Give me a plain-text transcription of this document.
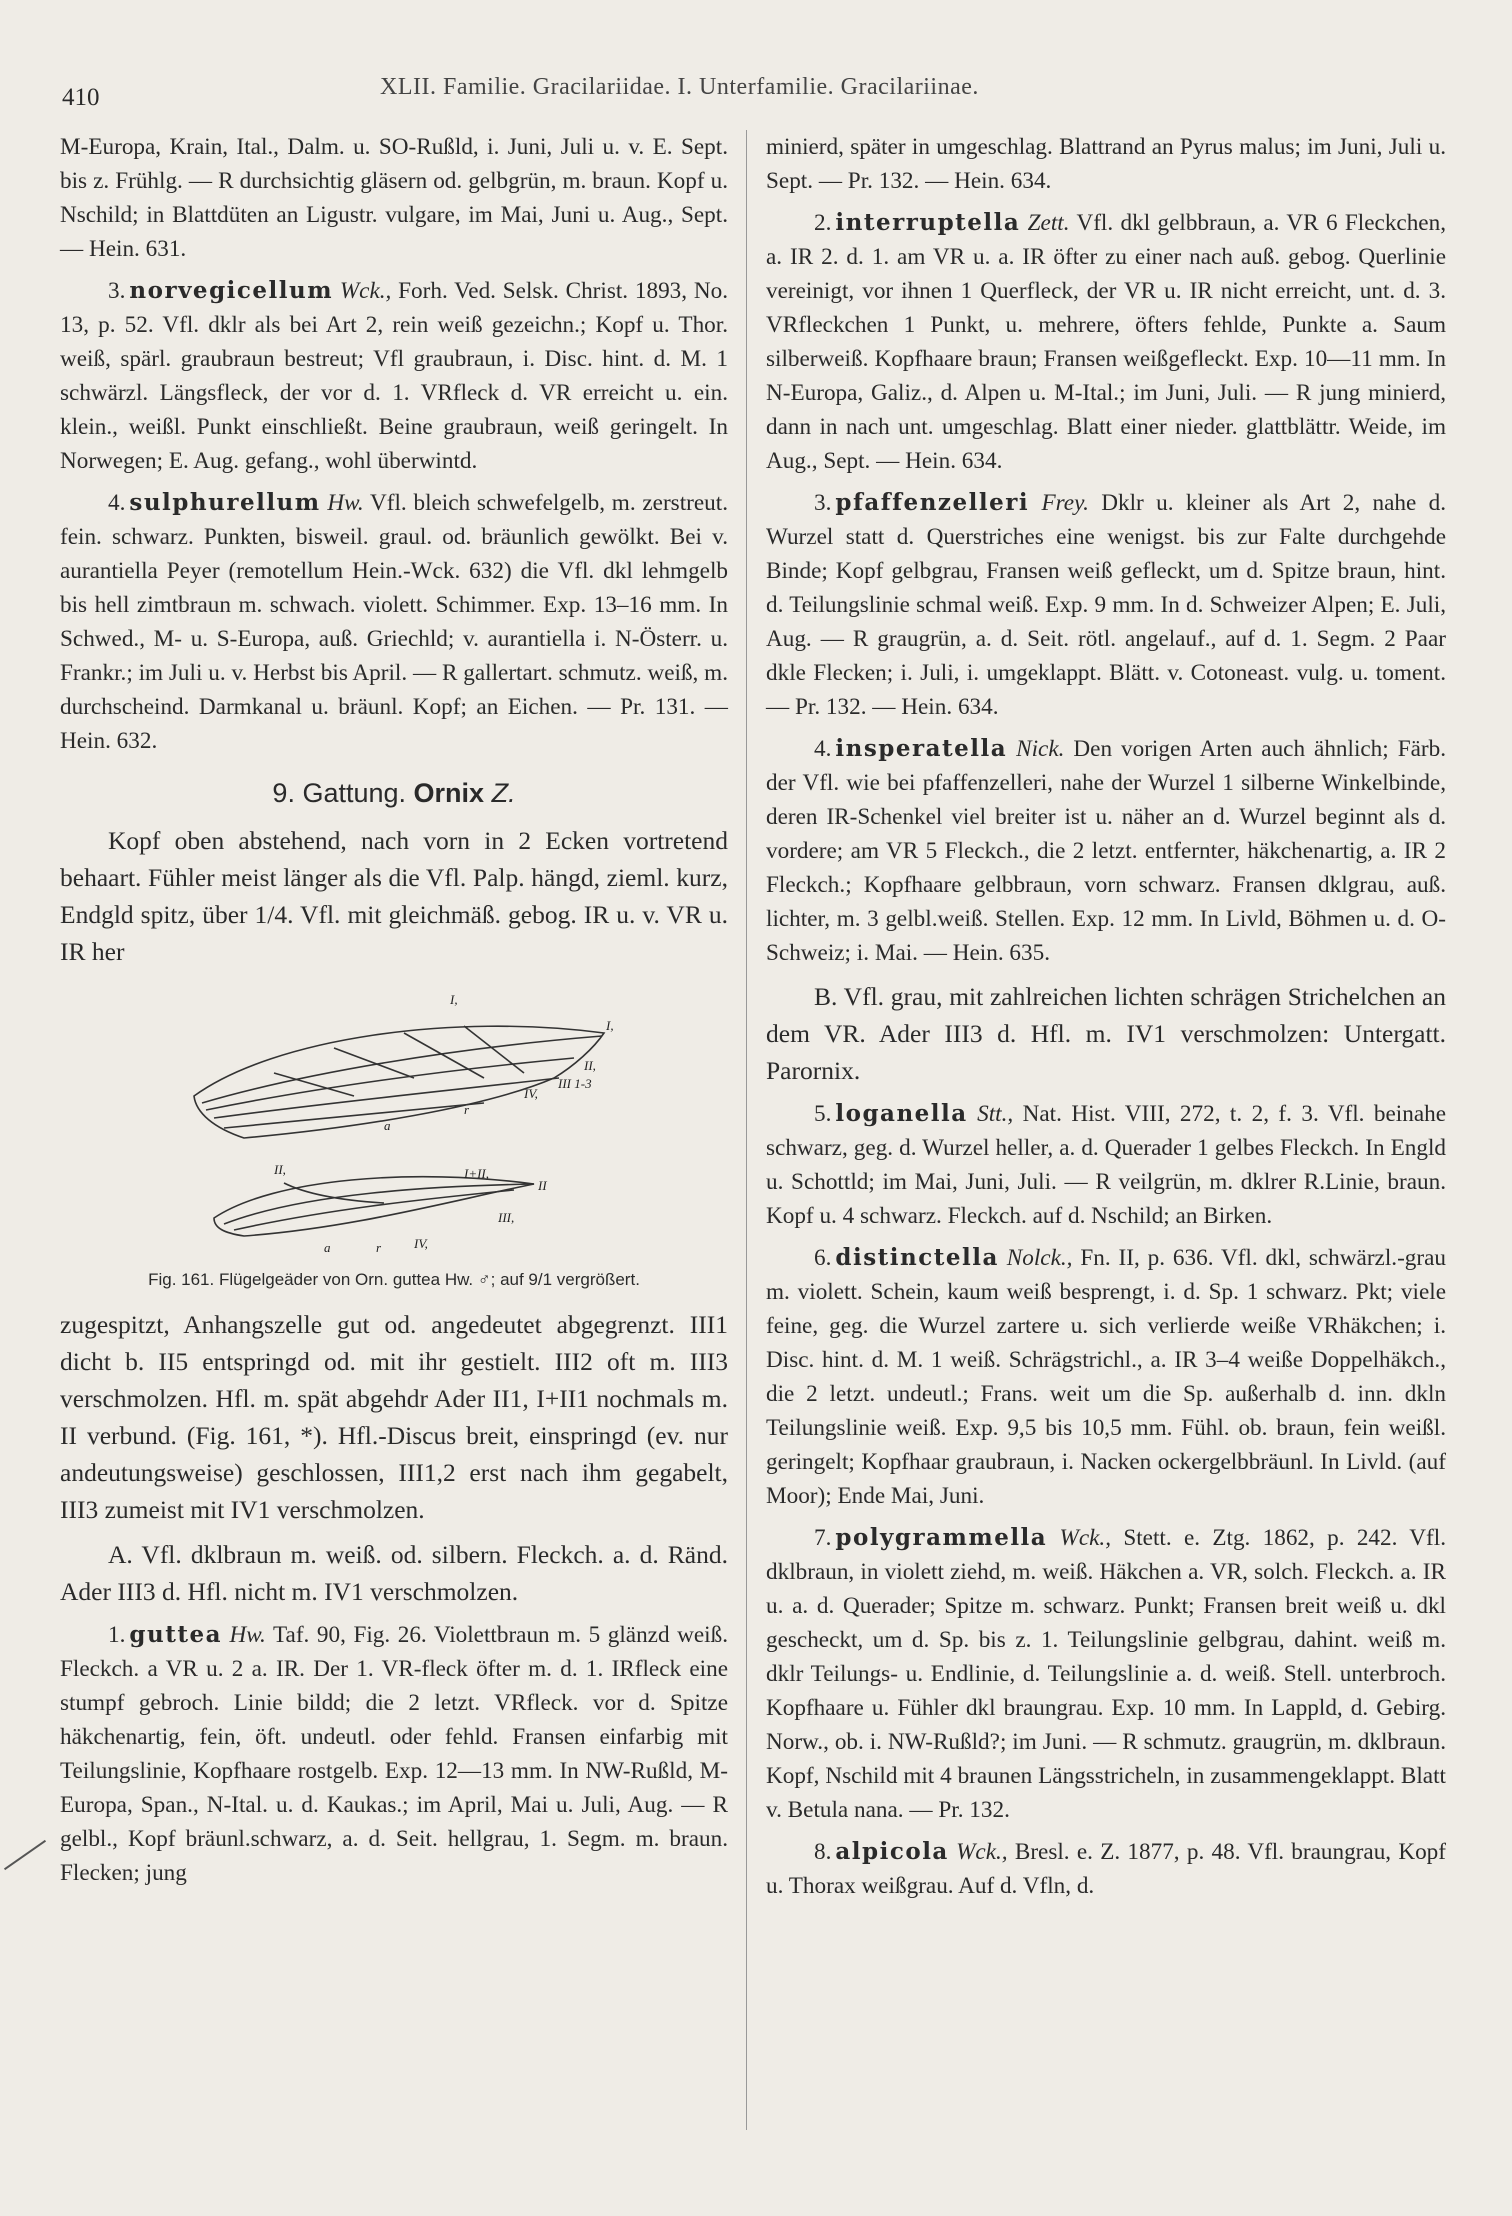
410	XLII. Familie. Gracilariidae. I. Unterfamilie. Gracilariinae.

M-Europa, Krain, Ital., Dalm. u. SO-Rußld, i. Juni, Juli u. v. E. Sept. bis z. Frühlg. — R durchsichtig gläsern od. gelbgrün, m. braun. Kopf u. Nschild; in Blattdüten an Ligustr. vulgare, im Mai, Juni u. Aug., Sept. — Hein. 631.

3. norvegicellum Wck., Forh. Ved. Selsk. Christ. 1893, No. 13, p. 52. Vfl. dklr als bei Art 2, rein weiß gezeichn.; Kopf u. Thor. weiß, spärl. graubraun bestreut; Vfl graubraun, i. Disc. hint. d. M. 1 schwärzl. Längsfleck, der vor d. 1. VRfleck d. VR erreicht u. ein. klein., weißl. Punkt einschließt. Beine graubraun, weiß geringelt. In Norwegen; E. Aug. gefang., wohl überwintd.

4. sulphurellum Hw. Vfl. bleich schwefelgelb, m. zerstreut. fein. schwarz. Punkten, bisweil. graul. od. bräunlich gewölkt. Bei v. aurantiella Peyer (remotellum Hein.-Wck. 632) die Vfl. dkl lehmgelb bis hell zimtbraun m. schwach. violett. Schimmer. Exp. 13–16 mm. In Schwed., M- u. S-Europa, auß. Griechld; v. aurantiella i. N-Österr. u. Frankr.; im Juli u. v. Herbst bis April. — R gallertart. schmutz. weiß, m. durchscheind. Darmkanal u. bräunl. Kopf; an Eichen. — Pr. 131. — Hein. 632.

9. Gattung. Ornix Z.

Kopf oben abstehend, nach vorn in 2 Ecken vortretend behaart. Fühler meist länger als die Vfl. Palp. hängd, zieml. kurz, Endgld spitz, über 1/4. Vfl. mit gleichmäß. gebog. IR u. v. VR u. IR her

I,
I,
II,
IV,
III 1-3
r
a
II,	I+II,
II
III,
a	r	IV,
Fig. 161. Flügelgeäder von Orn. guttea Hw. ♂; auf 9/1 vergrößert.

zugespitzt, Anhangszelle gut od. angedeutet abgegrenzt. III1 dicht b. II5 entspringd od. mit ihr gestielt. III2 oft m. III3 verschmolzen. Hfl. m. spät abgehdr Ader II1, I+II1 nochmals m. II verbund. (Fig. 161, *). Hfl.-Discus breit, einspringd (ev. nur andeutungsweise) geschlossen, III1,2 erst nach ihm gegabelt, III3 zumeist mit IV1 verschmolzen.

A. Vfl. dklbraun m. weiß. od. silbern. Fleckch. a. d. Ränd. Ader III3 d. Hfl. nicht m. IV1 verschmolzen.

1. guttea Hw. Taf. 90, Fig. 26. Violettbraun m. 5 glänzd weiß. Fleckch. a VR u. 2 a. IR. Der 1. VR-fleck öfter m. d. 1. IRfleck eine stumpf gebroch. Linie bildd; die 2 letzt. VRfleck. vor d. Spitze häkchenartig, fein, öft. undeutl. oder fehld. Fransen einfarbig mit Teilungslinie, Kopfhaare rostgelb. Exp. 12—13 mm. In NW-Rußld, M-Europa, Span., N-Ital. u. d. Kaukas.; im April, Mai u. Juli, Aug. — R gelbl., Kopf bräunl.schwarz, a. d. Seit. hellgrau, 1. Segm. m. braun. Flecken; jung

minierd, später in umgeschlag. Blattrand an Pyrus malus; im Juni, Juli u. Sept. — Pr. 132. — Hein. 634.

2. interruptella Zett. Vfl. dkl gelbbraun, a. VR 6 Fleckchen, a. IR 2. d. 1. am VR u. a. IR öfter zu einer nach auß. gebog. Querlinie vereinigt, vor ihnen 1 Querfleck, der VR u. IR nicht erreicht, unt. d. 3. VRfleckchen 1 Punkt, u. mehrere, öfters fehlde, Punkte a. Saum silberweiß. Kopfhaare braun; Fransen weißgefleckt. Exp. 10—11 mm. In N-Europa, Galiz., d. Alpen u. M-Ital.; im Juni, Juli. — R jung minierd, dann in nach unt. umgeschlag. Blatt einer nieder. glattblättr. Weide, im Aug., Sept. — Hein. 634.

3. pfaffenzelleri Frey. Dklr u. kleiner als Art 2, nahe d. Wurzel statt d. Querstriches eine wenigst. bis zur Falte durchgehde Binde; Kopf gelbgrau, Fransen weiß gefleckt, um d. Spitze braun, hint. d. Teilungslinie schmal weiß. Exp. 9 mm. In d. Schweizer Alpen; E. Juli, Aug. — R graugrün, a. d. Seit. rötl. angelauf., auf d. 1. Segm. 2 Paar dkle Flecken; i. Juli, i. umgeklappt. Blätt. v. Cotoneast. vulg. u. toment. — Pr. 132. — Hein. 634.

4. insperatella Nick. Den vorigen Arten auch ähnlich; Färb. der Vfl. wie bei pfaffenzelleri, nahe der Wurzel 1 silberne Winkelbinde, deren IR-Schenkel viel breiter ist u. näher an d. Wurzel beginnt als d. vordere; am VR 5 Fleckch., die 2 letzt. entfernter, häkchenartig, a. IR 2 Fleckch.; Kopfhaare gelbbraun, vorn schwarz. Fransen dklgrau, auß. lichter, m. 3 gelbl.weiß. Stellen. Exp. 12 mm. In Livld, Böhmen u. d. O-Schweiz; i. Mai. — Hein. 635.

B. Vfl. grau, mit zahlreichen lichten schrägen Strichelchen an dem VR. Ader III3 d. Hfl. m. IV1 verschmolzen: Untergatt. Parornix.

5. loganella Stt., Nat. Hist. VIII, 272, t. 2, f. 3. Vfl. beinahe schwarz, geg. d. Wurzel heller, a. d. Querader 1 gelbes Fleckch. In Engld u. Schottld; im Mai, Juni, Juli. — R veilgrün, m. dklrer R.Linie, braun. Kopf u. 4 schwarz. Fleckch. auf d. Nschild; an Birken.

6. distinctella Nolck., Fn. II, p. 636. Vfl. dkl, schwärzl.-grau m. violett. Schein, kaum weiß besprengt, i. d. Sp. 1 schwarz. Pkt; viele feine, geg. die Wurzel zartere u. sich verlierde weiße VRhäkchen; i. Disc. hint. d. M. 1 weiß. Schrägstrichl., a. IR 3–4 weiße Doppelhäkch., die 2 letzt. undeutl.; Frans. weit um die Sp. außerhalb d. inn. dkln Teilungslinie weiß. Exp. 9,5 bis 10,5 mm. Fühl. ob. braun, fein weißl. geringelt; Kopfhaar graubraun, i. Nacken ockergelbbräunl. In Livld. (auf Moor); Ende Mai, Juni.

7. polygrammella Wck., Stett. e. Ztg. 1862, p. 242. Vfl. dklbraun, in violett ziehd, m. weiß. Häkchen a. VR, solch. Fleckch. a. IR u. a. d. Querader; Spitze m. schwarz. Punkt; Fransen breit weiß u. dkl gescheckt, um d. Sp. bis z. 1. Teilungslinie gelbgrau, dahint. weiß m. dklr Teilungs- u. Endlinie, d. Teilungslinie a. d. weiß. Stell. unterbroch. Kopfhaare u. Fühler dkl braungrau. Exp. 10 mm. In Lappld, d. Gebirg. Norw., ob. i. NW-Rußld?; im Juni. — R schmutz. graugrün, m. dklbraun. Kopf, Nschild mit 4 braunen Längsstricheln, in zusammengeklappt. Blatt v. Betula nana. — Pr. 132.

8. alpicola Wck., Bresl. e. Z. 1877, p. 48. Vfl. braungrau, Kopf u. Thorax weißgrau. Auf d. Vfln, d.
